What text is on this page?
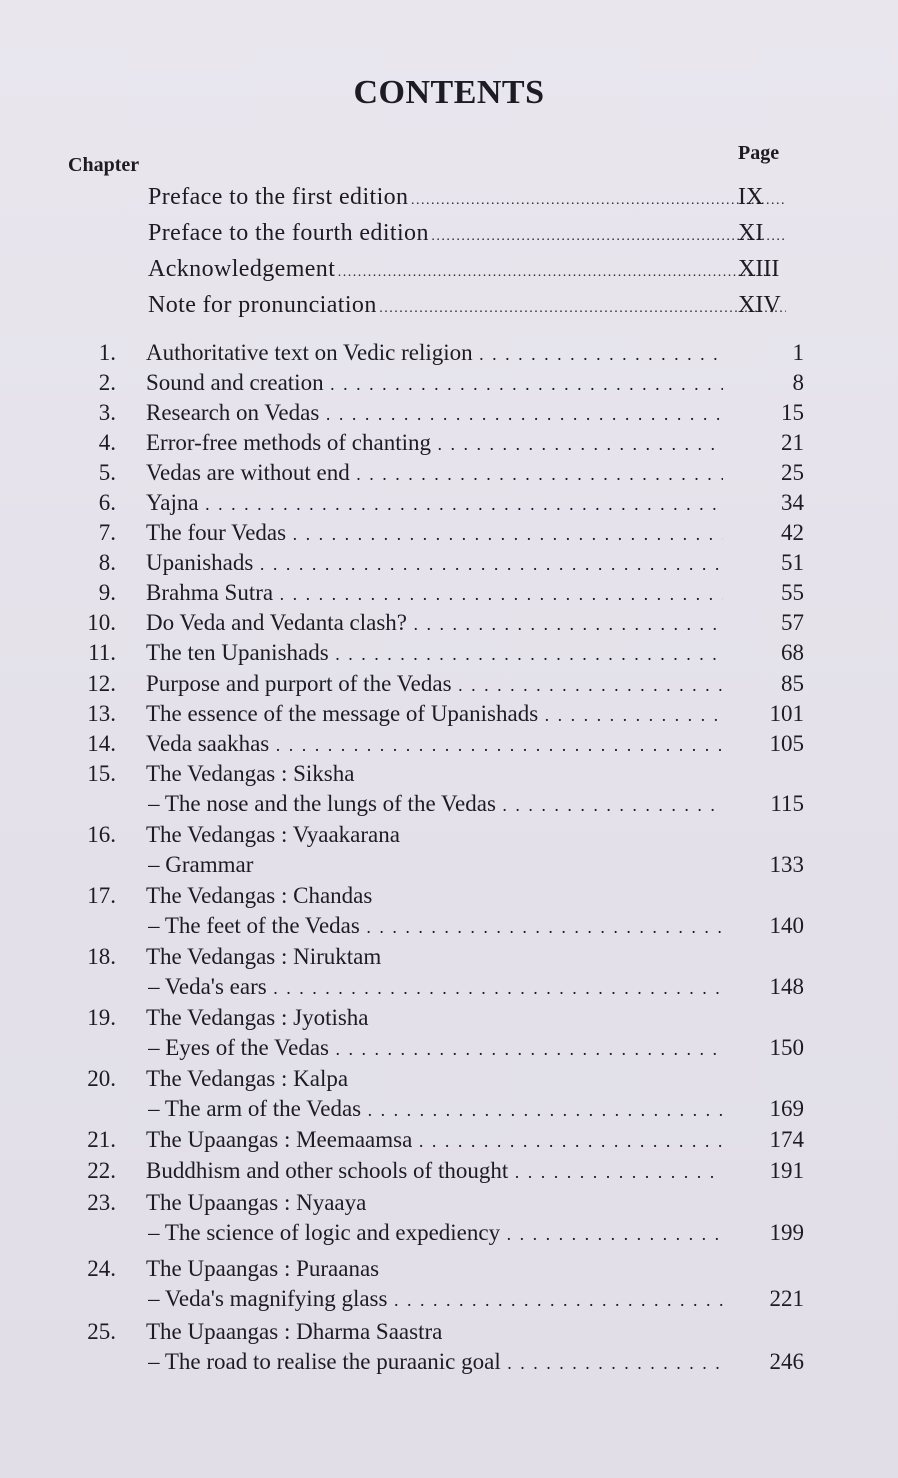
CONTENTS
Chapter
Page
Preface to the first edition . . .	IX
Preface to the fourth edition . . .	XI
Acknowledgement . . .	XIII
Note for pronunciation . . .	XIV
1. Authoritative text on Vedic religion . . .	1
2. Sound and creation . . .	8
3. Research on Vedas . . .	15
4. Error-free methods of chanting . . .	21
5. Vedas are without end . . .	25
6. Yajna . . .	34
7. The four Vedas . . .	42
8. Upanishads . . .	51
9. Brahma Sutra . . .	55
10. Do Veda and Vedanta clash? . . .	57
11. The ten Upanishads . . .	68
12. Purpose and purport of the Vedas . . .	85
13. The essence of the message of Upanishads . . .	101
14. Veda saakhas . . .	105
15. The Vedangas : Siksha
– The nose and the lungs of the Vedas . . .	115
16. The Vedangas : Vyaakarana
– Grammar	133
17. The Vedangas : Chandas
– The feet of the Vedas . . .	140
18. The Vedangas : Niruktam
– Veda's ears . . .	148
19. The Vedangas : Jyotisha
– Eyes of the Vedas . . .	150
20. The Vedangas : Kalpa
– The arm of the Vedas . . .	169
21. The Upaangas : Meemaamsa . . .	174
22. Buddhism and other schools of thought . . .	191
23. The Upaangas : Nyaaya
– The science of logic and expediency . . .	199
24. The Upaangas : Puraanas
– Veda's magnifying glass . . .	221
25. The Upaangas : Dharma Saastra
– The road to realise the puraanic goal . . .	246
